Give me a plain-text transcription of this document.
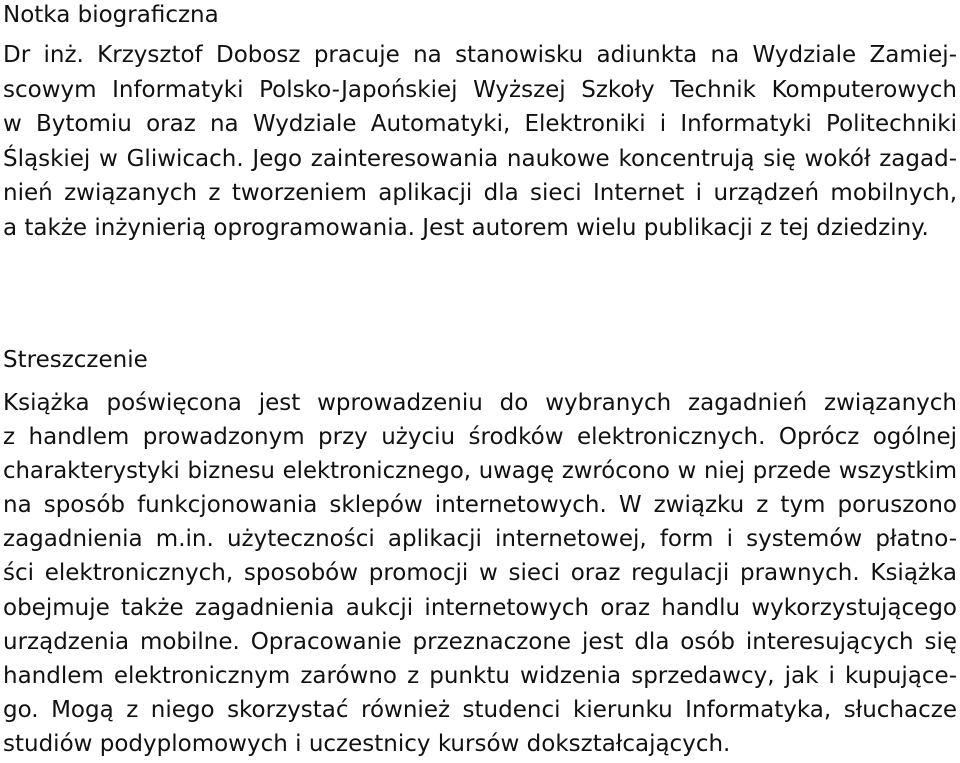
Notka biograficzna
Dr inż. Krzysztof Dobosz pracuje na stanowisku adiunkta na Wydziale Zamiej-
scowym Informatyki Polsko-Japońskiej Wyższej Szkoły Technik Komputerowych
w Bytomiu oraz na Wydziale Automatyki, Elektroniki i Informatyki Politechniki
Śląskiej w Gliwicach. Jego zainteresowania naukowe koncentrują się wokół zagad-
nień związanych z tworzeniem aplikacji dla sieci Internet i urządzeń mobilnych,
a także inżynierią oprogramowania. Jest autorem wielu publikacji z tej dziedziny.
Streszczenie
Książka poświęcona jest wprowadzeniu do wybranych zagadnień związanych
z handlem prowadzonym przy użyciu środków elektronicznych. Oprócz ogólnej
charakterystyki biznesu elektronicznego, uwagę zwrócono w niej przede wszystkim
na sposób funkcjonowania sklepów internetowych. W związku z tym poruszono
zagadnienia m.in. użyteczności aplikacji internetowej, form i systemów płatno-
ści elektronicznych, sposobów promocji w sieci oraz regulacji prawnych. Książka
obejmuje także zagadnienia aukcji internetowych oraz handlu wykorzystującego
urządzenia mobilne. Opracowanie przeznaczone jest dla osób interesujących się
handlem elektronicznym zarówno z punktu widzenia sprzedawcy, jak i kupujące-
go. Mogą z niego skorzystać również studenci kierunku Informatyka, słuchacze
studiów podyplomowych i uczestnicy kursów dokształcających.
